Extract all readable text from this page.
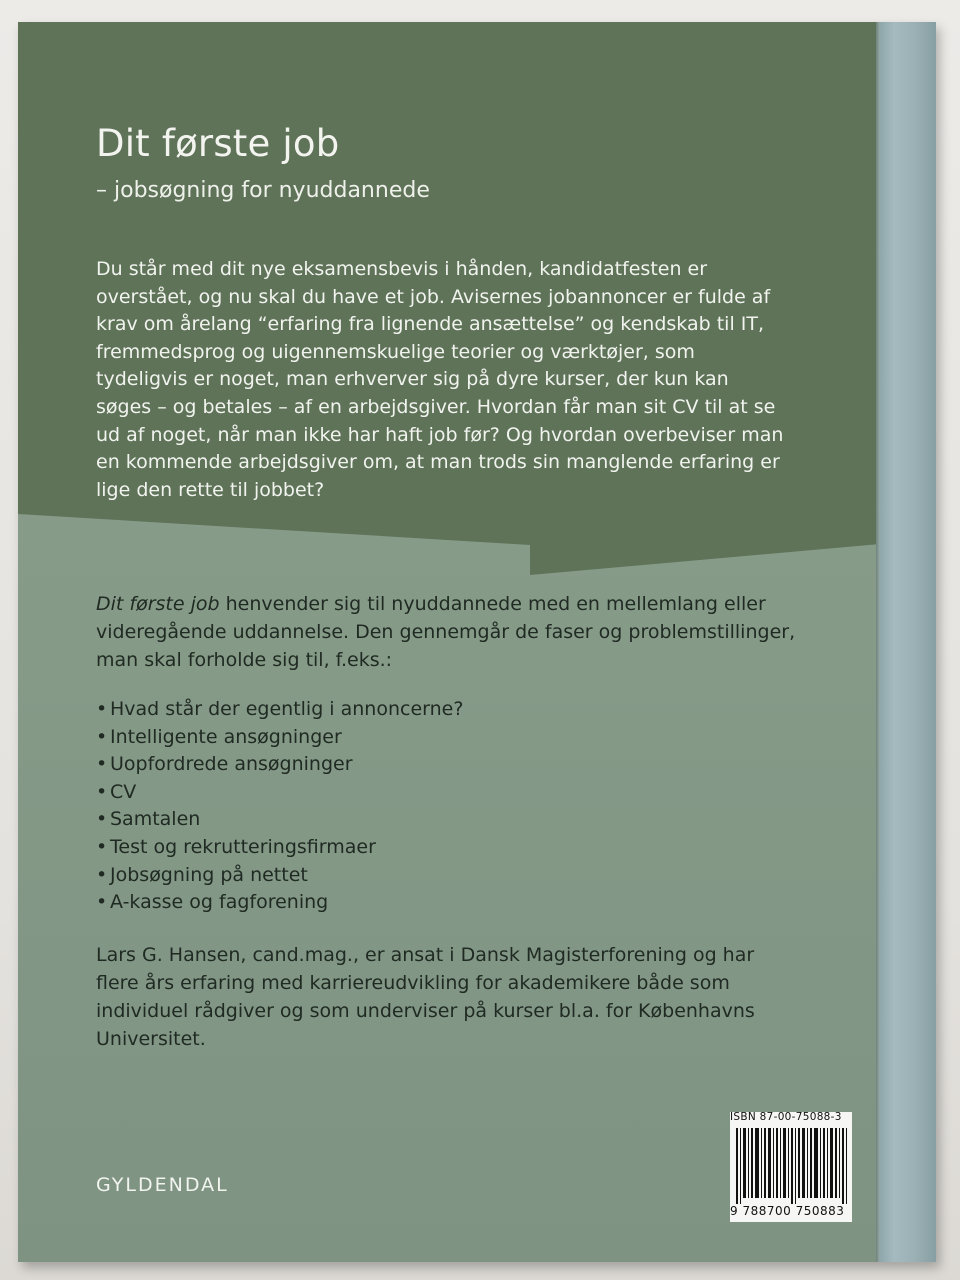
Dit første job

– jobsøgning for nyuddannede

Du står med dit nye eksamensbevis i hånden, kandidatfesten er overstået, og nu skal du have et job. Avisernes jobannoncer er fulde af krav om årelang “erfaring fra lignende ansættelse” og kendskab til IT, fremmedsprog og uigennemskuelige teorier og værktøjer, som tydeligvis er noget, man erhverver sig på dyre kurser, der kun kan søges – og betales – af en arbejdsgiver. Hvordan får man sit CV til at se ud af noget, når man ikke har haft job før? Og hvordan overbeviser man en kommende arbejdsgiver om, at man trods sin manglende erfaring er lige den rette til jobbet?

Dit første job henvender sig til nyuddannede med en mellemlang eller videregående uddannelse. Den gennemgår de faser og problemstillinger, man skal forholde sig til, f.eks.:

• Hvad står der egentlig i annoncerne?
• Intelligente ansøgninger
• Uopfordrede ansøgninger
• CV
• Samtalen
• Test og rekrutteringsfirmaer
• Jobsøgning på nettet
• A-kasse og fagforening

Lars G. Hansen, cand.mag., er ansat i Dansk Magisterforening og har flere års erfaring med karriereudvikling for akademikere både som individuel rådgiver og som underviser på kurser bl.a. for Københavns Universitet.

GYLDENDAL

ISBN 87-00-75088-3
9 788700 750883
